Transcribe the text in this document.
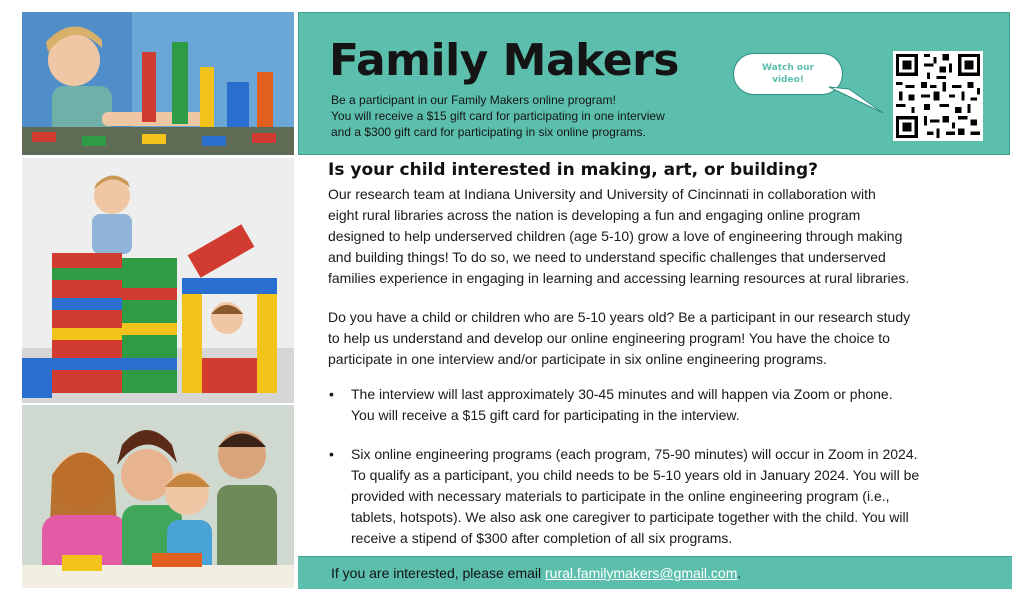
Family Makers
Be a participant in our Family Makers online program!
You will receive a $15 gift card for participating in one interview
and a $300 gift card for participating in six online programs.
Watch our video!
Is your child interested in making, art, or building?
Our research team at Indiana University and University of Cincinnati in collaboration with
eight rural libraries across the nation is developing a fun and engaging online program
designed to help underserved children (age 5-10) grow a love of engineering through making
and building things! To do so, we need to understand specific challenges that underserved
families experience in engaging in learning and accessing learning resources at rural libraries.
Do you have a child or children who are 5-10 years old? Be a participant in our research study
to help us understand and develop our online engineering program! You have the choice to
participate in one interview and/or participate in six online engineering programs.
• The interview will last approximately 30-45 minutes and will happen via Zoom or phone.
You will receive a $15 gift card for participating in the interview.
• Six online engineering programs (each program, 75-90 minutes) will occur in Zoom in 2024.
To qualify as a participant, you child needs to be 5-10 years old in January 2024. You will be
provided with necessary materials to participate in the online engineering program (i.e.,
tablets, hotspots). We also ask one caregiver to participate together with the child. You will
receive a stipend of $300 after completion of all six programs.
If you are interested, please email rural.familymakers@gmail.com.
